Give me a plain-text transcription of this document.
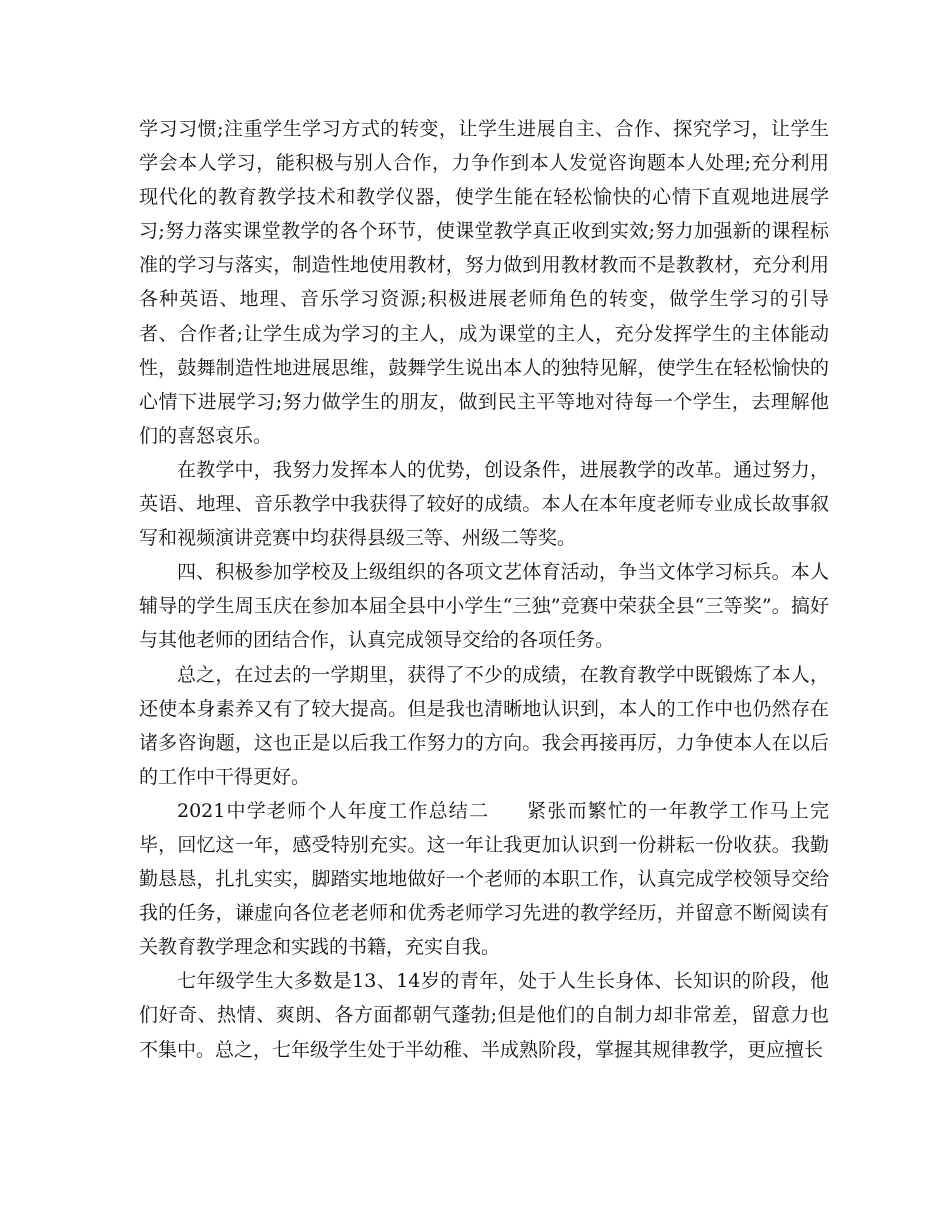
学习习惯;注重学生学习方式的转变，让学生进展自主、合作、探究学习，让学生学会本人学习，能积极与别人合作，力争作到本人发觉咨询题本人处理;充分利用现代化的教育教学技术和教学仪器，使学生能在轻松愉快的心情下直观地进展学习;努力落实课堂教学的各个环节，使课堂教学真正收到实效;努力加强新的课程标准的学习与落实，制造性地使用教材，努力做到用教材教而不是教教材，充分利用各种英语、地理、音乐学习资源;积极进展老师角色的转变，做学生学习的引导者、合作者;让学生成为学习的主人，成为课堂的主人，充分发挥学生的主体能动性，鼓舞制造性地进展思维，鼓舞学生说出本人的独特见解，使学生在轻松愉快的心情下进展学习;努力做学生的朋友，做到民主平等地对待每一个学生，去理解他们的喜怒哀乐。

在教学中，我努力发挥本人的优势，创设条件，进展教学的改革。通过努力，英语、地理、音乐教学中我获得了较好的成绩。本人在本年度老师专业成长故事叙写和视频演讲竞赛中均获得县级三等、州级二等奖。

四、积极参加学校及上级组织的各项文艺体育活动，争当文体学习标兵。本人辅导的学生周玉庆在参加本届全县中小学生“三独”竞赛中荣获全县“三等奖”。搞好与其他老师的团结合作，认真完成领导交给的各项任务。

总之，在过去的一学期里，获得了不少的成绩，在教育教学中既锻炼了本人，还使本身素养又有了较大提高。但是我也清晰地认识到，本人的工作中也仍然存在诸多咨询题，这也正是以后我工作努力的方向。我会再接再厉，力争使本人在以后的工作中干得更好。

2021中学老师个人年度工作总结二 紧张而繁忙的一年教学工作马上完毕，回忆这一年，感受特别充实。这一年让我更加认识到一份耕耘一份收获。我勤勤恳恳，扎扎实实，脚踏实地地做好一个老师的本职工作，认真完成学校领导交给我的任务，谦虚向各位老老师和优秀老师学习先进的教学经历，并留意不断阅读有关教育教学理念和实践的书籍，充实自我。

七年级学生大多数是13、14岁的青年，处于人生长身体、长知识的阶段，他们好奇、热情、爽朗、各方面都朝气蓬勃;但是他们的自制力却非常差，留意力也不集中。总之，七年级学生处于半幼稚、半成熟阶段，掌握其规律教学，更应擅长
